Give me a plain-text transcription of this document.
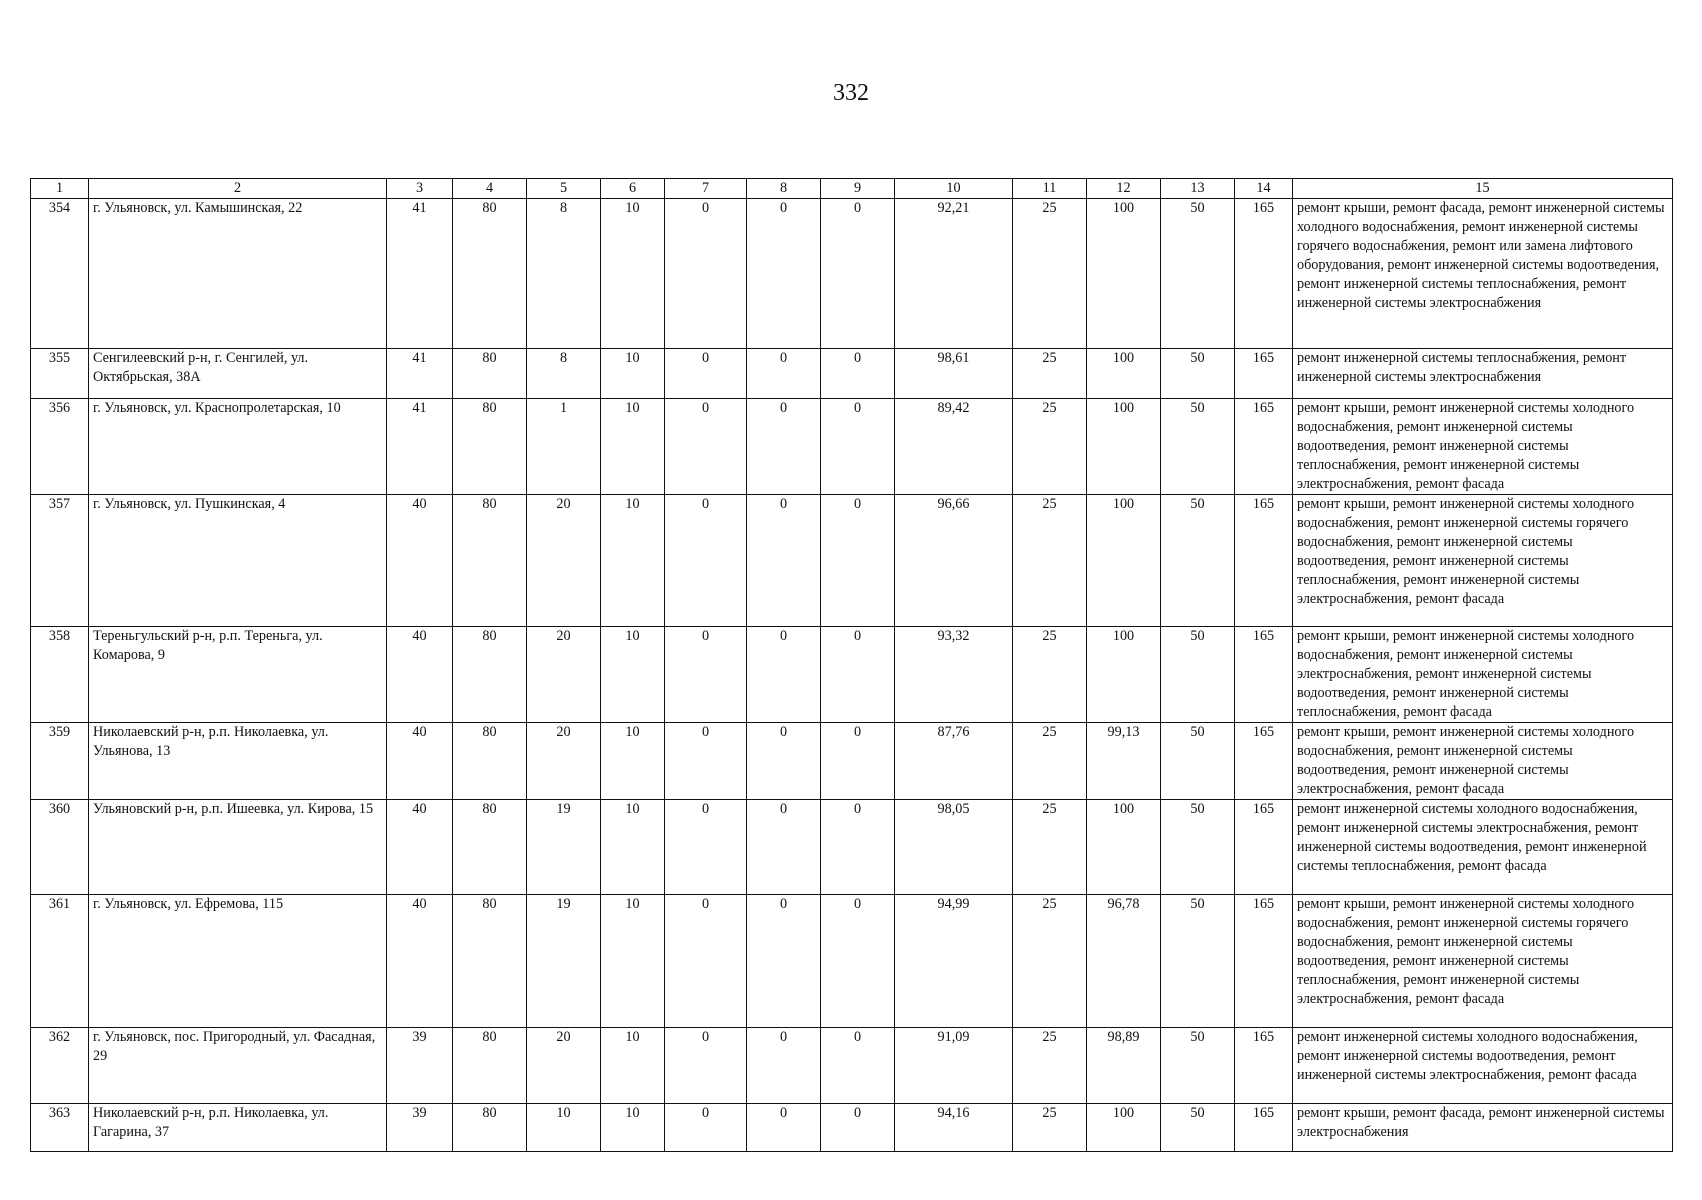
332
1	2	3	4	5	6	7	8	9	10	11	12	13	14	15
354	г. Ульяновск, ул. Камышинская, 22	41	80	8	10	0	0	0	92,21	25	100	50	165	ремонт крыши, ремонт фасада, ремонт инженерной системы холодного водоснабжения, ремонт инженерной системы горячего водоснабжения, ремонт или замена лифтового оборудования, ремонт инженерной системы водоотведения, ремонт инженерной системы теплоснабжения, ремонт инженерной системы электроснабжения
355	Сенгилеевский р-н, г. Сенгилей, ул. Октябрьская, 38А	41	80	8	10	0	0	0	98,61	25	100	50	165	ремонт инженерной системы теплоснабжения, ремонт инженерной системы электроснабжения
356	г. Ульяновск, ул. Краснопролетарская, 10	41	80	1	10	0	0	0	89,42	25	100	50	165	ремонт крыши, ремонт инженерной системы холодного водоснабжения, ремонт инженерной системы водоотведения, ремонт инженерной системы теплоснабжения, ремонт инженерной системы электроснабжения, ремонт фасада
357	г. Ульяновск, ул. Пушкинская, 4	40	80	20	10	0	0	0	96,66	25	100	50	165	ремонт крыши, ремонт инженерной системы холодного водоснабжения, ремонт инженерной системы горячего водоснабжения, ремонт инженерной системы водоотведения, ремонт инженерной системы теплоснабжения, ремонт инженерной системы электроснабжения, ремонт фасада
358	Тереньгульский р-н, р.п. Тереньга, ул. Комарова, 9	40	80	20	10	0	0	0	93,32	25	100	50	165	ремонт крыши, ремонт инженерной системы холодного водоснабжения, ремонт инженерной системы электроснабжения, ремонт инженерной системы водоотведения, ремонт инженерной системы теплоснабжения, ремонт фасада
359	Николаевский р-н, р.п. Николаевка, ул. Ульянова, 13	40	80	20	10	0	0	0	87,76	25	99,13	50	165	ремонт крыши, ремонт инженерной системы холодного водоснабжения, ремонт инженерной системы водоотведения, ремонт инженерной системы электроснабжения, ремонт фасада
360	Ульяновский р-н, р.п. Ишеевка, ул. Кирова, 15	40	80	19	10	0	0	0	98,05	25	100	50	165	ремонт инженерной системы холодного водоснабжения, ремонт инженерной системы электроснабжения, ремонт инженерной системы водоотведения, ремонт инженерной системы теплоснабжения, ремонт фасада
361	г. Ульяновск, ул. Ефремова, 115	40	80	19	10	0	0	0	94,99	25	96,78	50	165	ремонт крыши, ремонт инженерной системы холодного водоснабжения, ремонт инженерной системы горячего водоснабжения, ремонт инженерной системы водоотведения, ремонт инженерной системы теплоснабжения, ремонт инженерной системы электроснабжения, ремонт фасада
362	г. Ульяновск, пос. Пригородный, ул. Фасадная, 29	39	80	20	10	0	0	0	91,09	25	98,89	50	165	ремонт инженерной системы холодного водоснабжения, ремонт инженерной системы водоотведения, ремонт инженерной системы электроснабжения, ремонт фасада
363	Николаевский р-н, р.п. Николаевка, ул. Гагарина, 37	39	80	10	10	0	0	0	94,16	25	100	50	165	ремонт крыши, ремонт фасада, ремонт инженерной системы электроснабжения
